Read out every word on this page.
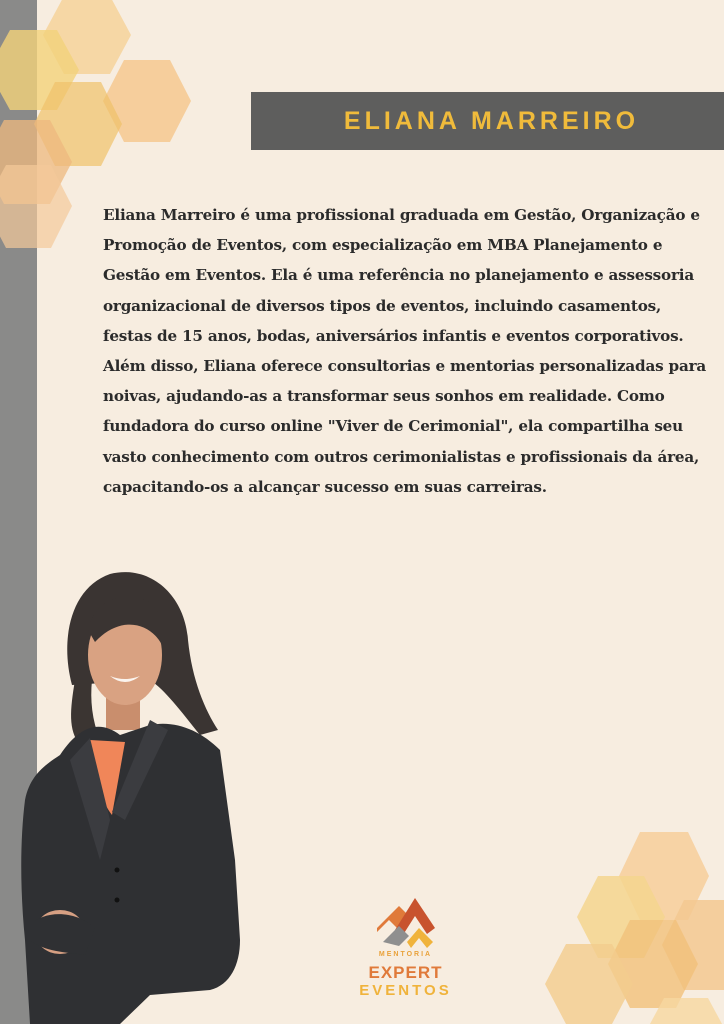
ELIANA MARREIRO

Eliana Marreiro é uma profissional graduada em Gestão, Organização e Promoção de Eventos, com especialização em MBA Planejamento e Gestão em Eventos. Ela é uma referência no planejamento e assessoria organizacional de diversos tipos de eventos, incluindo casamentos, festas de 15 anos, bodas, aniversários infantis e eventos corporativos. Além disso, Eliana oferece consultorias e mentorias personalizadas para noivas, ajudando-as a transformar seus sonhos em realidade. Como fundadora do curso online "Viver de Cerimonial", ela compartilha seu vasto conhecimento com outros cerimonialistas e profissionais da área, capacitando-os a alcançar sucesso em suas carreiras.

MENTORIA
EXPERT
EVENTOS
